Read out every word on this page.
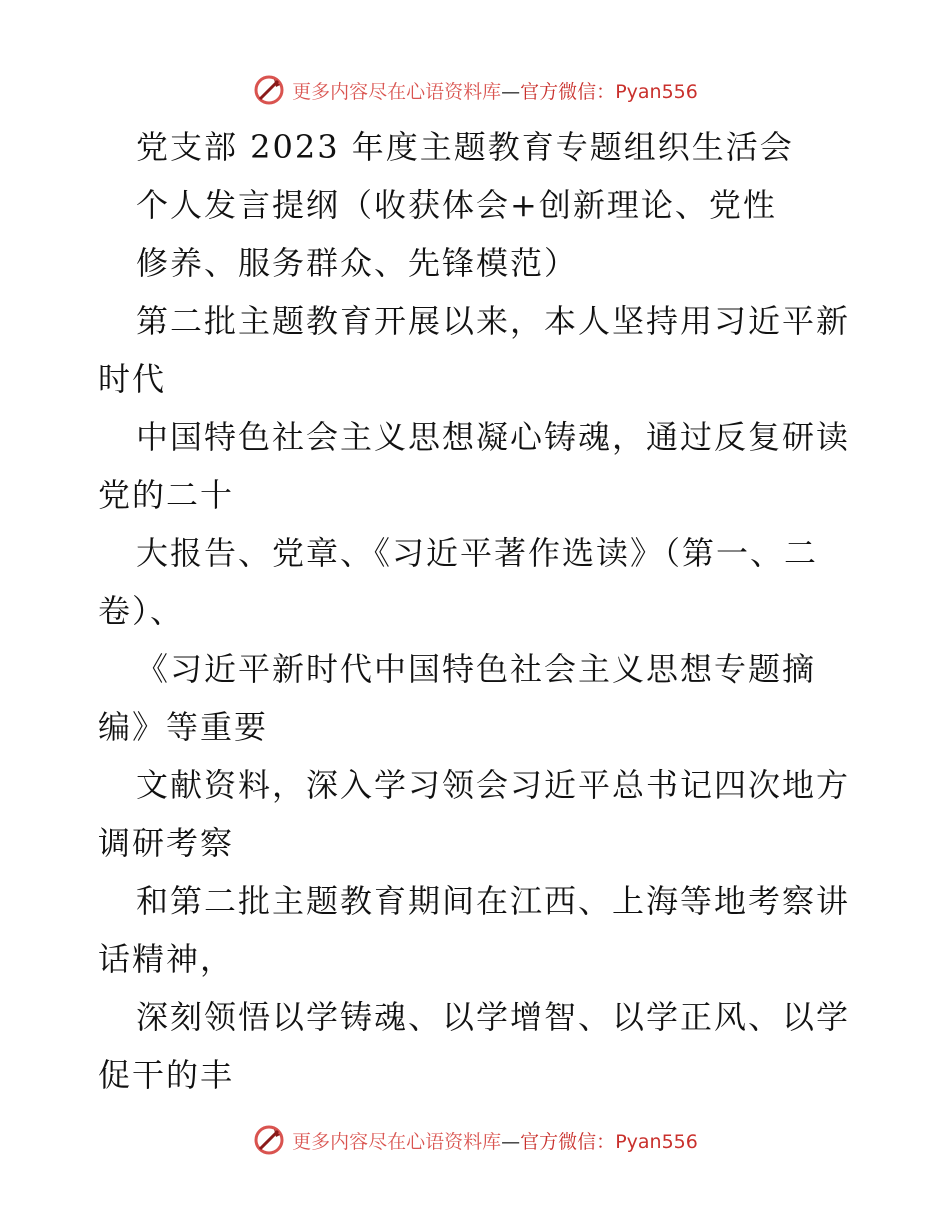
更多内容尽在心语资料库—官方微信：Pyan556
党支部 2023 年度主题教育专题组织生活会
个人发言提纲（收获体会+创新理论、党性
修养、服务群众、先锋模范）
第二批主题教育开展以来，本人坚持用习近平新
时代
中国特色社会主义思想凝心铸魂，通过反复研读
党的二十
大报告、党章、《习近平著作选读》（第一、二
卷）、
《习近平新时代中国特色社会主义思想专题摘
编》等重要
文献资料，深入学习领会习近平总书记四次地方
调研考察
和第二批主题教育期间在江西、上海等地考察讲
话精神，
深刻领悟以学铸魂、以学增智、以学正风、以学
促干的丰
更多内容尽在心语资料库—官方微信：Pyan556
